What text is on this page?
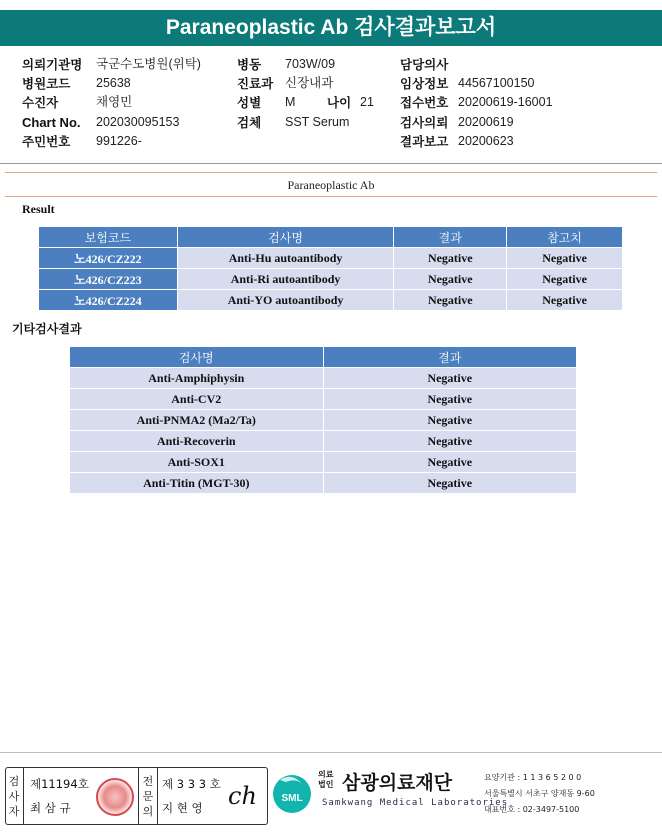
Paraneoplastic Ab 검사결과보고서
의뢰기관명 국군수도병원(위탁)
병원코드 25638
수진자	채영민
Chart No. 202030095153
주민번호 991226-
병동 703W/09
진료과 신장내과
성별 M	나이 21
검체 SST Serum
담당의사
임상정보 44567100150
접수번호 20200619-16001
검사의뢰 20200619
결과보고 20200623
Paraneoplastic Ab
Result
보험코드	검사명	결과	참고치
노426/CZ222	Anti-Hu autoantibody	Negative	Negative
노426/CZ223	Anti-Ri autoantibody	Negative	Negative
노426/CZ224	Anti-YO autoantibody	Negative	Negative
기타검사결과
검사명	결과
Anti-Amphiphysin	Negative
Anti-CV2	Negative
Anti-PNMA2 (Ma2/Ta)	Negative
Anti-Recoverin	Negative
Anti-SOX1	Negative
Anti-Titin (MGT-30)	Negative
검
사
자
제11194호
최 삼 규
전
문
의
제 3 3 3 호
지 현 영 ch SML
의료 법인 삼광의료재단
Samkwang Medical Laboratories
요양기관 : 1 1 3 6 5 2 0 0
서울특별시 서초구 양재동 9-60
대표번호 : 02-3497-5100
